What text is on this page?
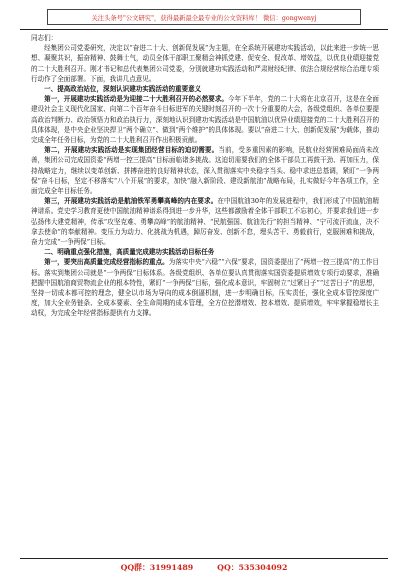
关注头条号"公文研究"，获得最新最全最专业的公文资料库！ 微信：gongwenyj

同志们：

经集团公司党委研究，决定以“奋进二十大、创新促发展”为主题，在全系统开展建功实践活动，以此来进一步统一思想、凝聚共识，振奋精神、鼓舞士气，动员全体干部职工聚精会神抓党建、促安全、促改革、增效益，以优良业绩迎接党的二十大胜利召开。刚才书记和总代表集团公司党委，分别就建功实践活动和严肃财经纪律、依法合规经营综合治理专项行动作了全面部署。下面，我讲几点意见。

一、提高政治站位，深刻认识建功实践活动的重要意义

第一，开展建功实践活动是为迎接二十大胜利召开的必然要求。今年下半年，党的二十大将在北京召开，这是在全面建设社会主义现代化国家、向第二个百年奋斗目标进军的关键时刻召开的一次十分重要的大会，各级党组织、各单位要提高政治判断力、政治领悟力和政治执行力，深刻地认识到建功实践活动是中国航油以优异业绩迎接党的二十大胜利召开的具体体现，是中央企业坚决捍卫“两个确立”、做到“两个维护”的具体体现。要以“奋进二十大、创新促发展”为载体，推动完成全年任务目标，为党的二十大胜利召开作出积极贡献。

第二，开展建功实践活动是实现集团经营目标的迫切需要。当前，受多重因素的影响，民航业经营困难局面尚未改善，集团公司完成国资委“两增一控三提高”目标面临诸多挑战。这迫切需要我们的全体干部员工再鼓干劲、再加压力，保持战略定力，继续以变革创新、拼搏奋进的良好精神状态，深入贯彻落实中央稳字当头、稳中求进总基调，紧盯“一争两保”奋斗目标，坚定不移落实“八个开展”的要求，加快“融入新阶段、建设新航油”战略布局，扎实做好今年各项工作，全面完成全年目标任务。

第三，开展建功实践活动是航油铁军勇攀高峰的内在要求。在中国航油30年的发展进程中，我们形成了中国航油精神谱系。党史学习教育更使中国航油精神谱系得到进一步升华，这些都激励着全体干部职工不忘初心，并要求我们进一步弘扬伟大建党精神，传承“攻坚克难、勇攀高峰”的航油精神、“民航强国、航油先行”的担当精神、“宁可流汗流血，决不拿去使命”的奉献精神。变压力为动力、化挑战为机遇，踔厉奋发、创新不怠，埋头苦干、勇毅前行，克服困难和挑战，奋力完成“一争两保”目标。

二、明确重点强化措施，高质量完成建功实践活动目标任务

第一，要突出高质量完成经营指标的重点。为落实中央“六稳”“六保”要求，国资委提出了“两增一控三提高”的工作目标。落实到集团公司就是“一争两保”目标体系。各级党组织、各单位要认真贯彻落实国资委提质增效专项行动要求，准确把握中国航油商贸物流企业的根本特性，紧盯“一争两保”目标，强化成本意识，牢固树立“过紧日子”“过苦日子”的思想，坚持一切成本都可控的理念，健全以市场为导向的成本倒逼机制，进一步明确目标，压实责任，强化全成本管控深度广度，加大全业务链条、全成本要素、全生命周期的成本管理，全方位挖潜增效、控本增效、提质增效，牢牢掌握稳增长主动权，为完成全年经营指标提供有力支撑。

QQ群：31991489	QQ：535304092
